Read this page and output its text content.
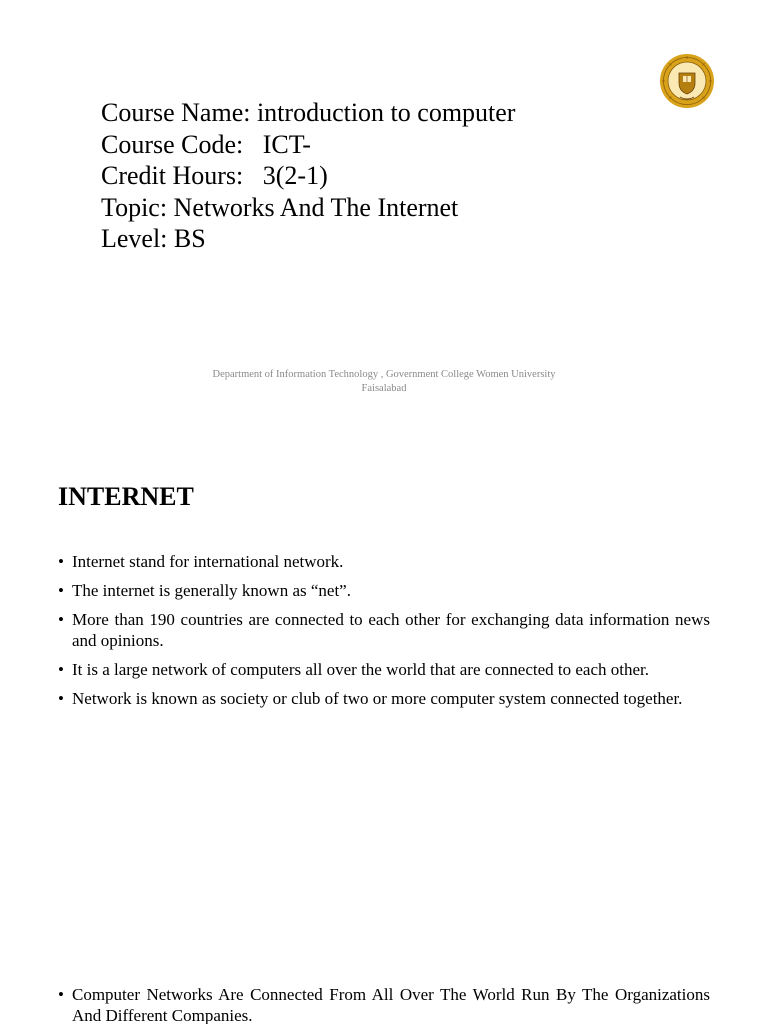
Course Name: introduction to computer
Course Code:   ICT-
Credit Hours:   3(2-1)
Topic: Networks And The Internet
Level: BS
Department of Information Technology , Government College Women University
Faisalabad
INTERNET
• Internet stand for international network.
• The internet is generally known as “net”.
• More than 190 countries are connected to each other for exchanging data information news and opinions.
• It is a large network of computers all over the world that are connected to each other.
• Network is known as society or club of two or more computer system connected together.
• Computer Networks Are Connected From All Over The World Run By The Organizations And Different Companies.
